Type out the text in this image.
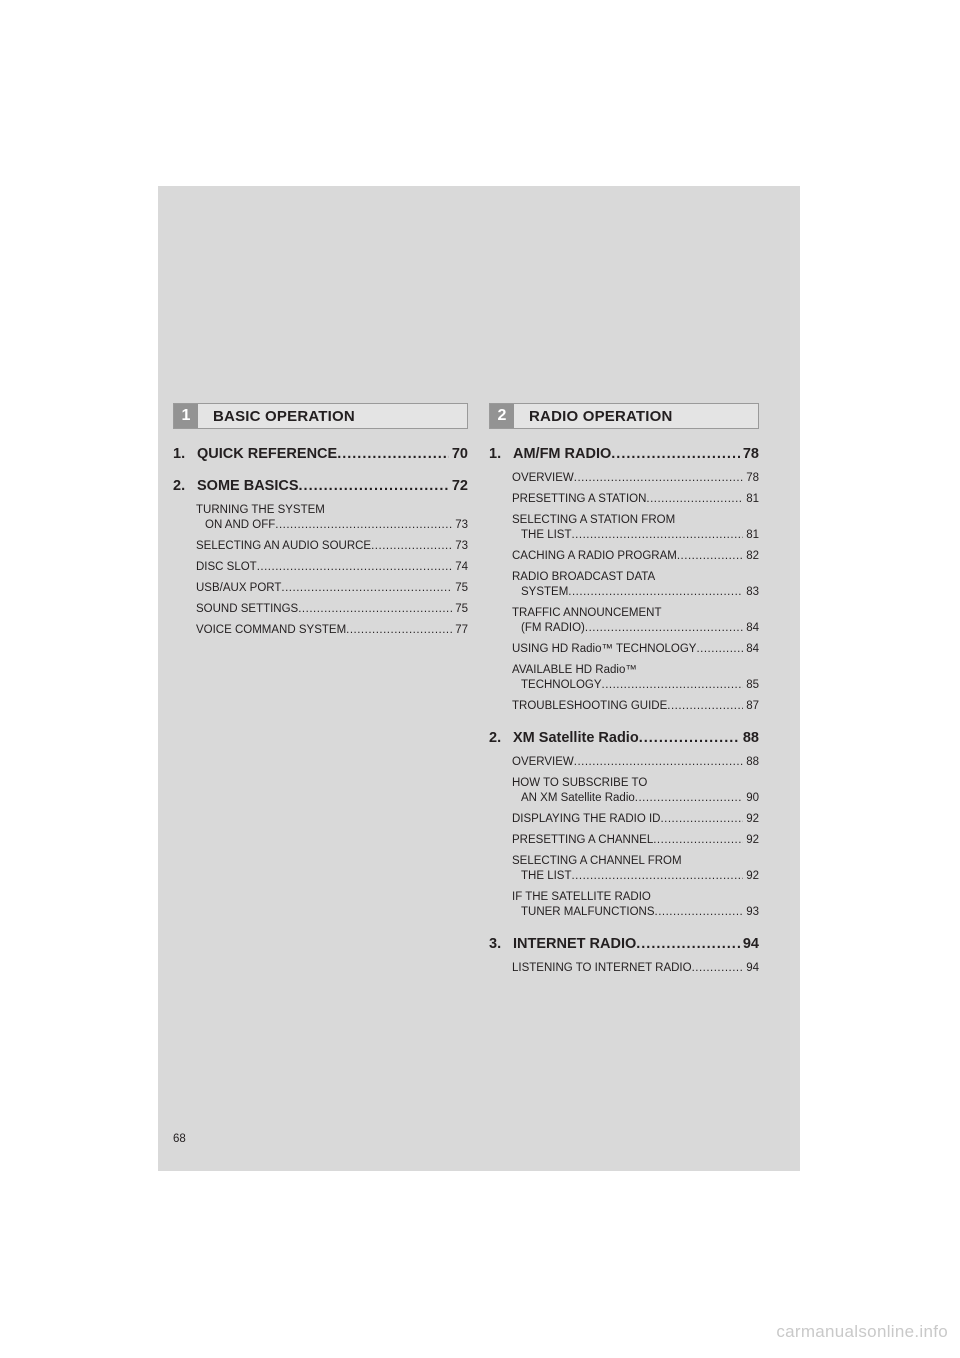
1	BASIC OPERATION
1. QUICK REFERENCE .....	70
2. SOME BASICS .....	72
TURNING THE SYSTEM
ON AND OFF .....	73
SELECTING AN AUDIO SOURCE .....	73
DISC SLOT .....	74
USB/AUX PORT .....	75
SOUND SETTINGS .....	75
VOICE COMMAND SYSTEM .....	77
2	RADIO OPERATION
1. AM/FM RADIO .....	78
OVERVIEW .....	78
PRESETTING A STATION .....	81
SELECTING A STATION FROM
THE LIST .....	81
CACHING A RADIO PROGRAM .....	82
RADIO BROADCAST DATA
SYSTEM .....	83
TRAFFIC ANNOUNCEMENT
(FM RADIO) .....	84
USING HD Radio™ TECHNOLOGY .....	84
AVAILABLE HD Radio™
TECHNOLOGY .....	85
TROUBLESHOOTING GUIDE .....	87
2. XM Satellite Radio .....	88
OVERVIEW .....	88
HOW TO SUBSCRIBE TO
AN XM Satellite Radio .....	90
DISPLAYING THE RADIO ID .....	92
PRESETTING A CHANNEL .....	92
SELECTING A CHANNEL FROM
THE LIST .....	92
IF THE SATELLITE RADIO
TUNER MALFUNCTIONS .....	93
3. INTERNET RADIO .....	94
LISTENING TO INTERNET RADIO .....	94
68
carmanualsonline.info
